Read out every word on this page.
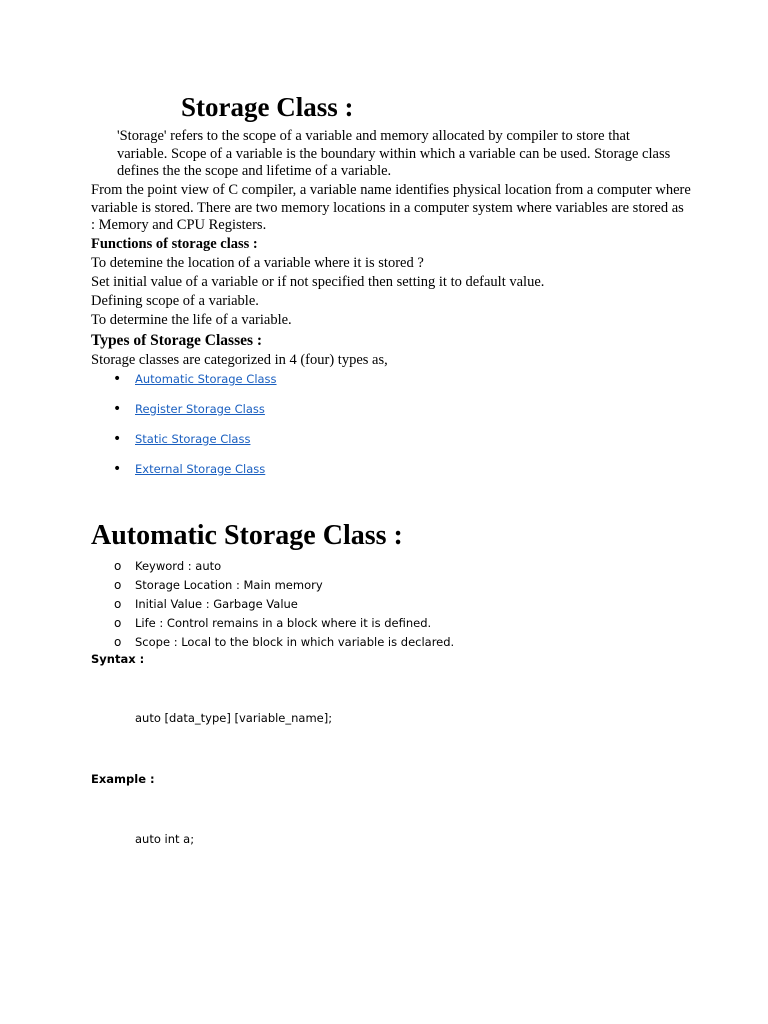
Storage Class :

'Storage' refers to the scope of a variable and memory allocated by compiler to store that variable. Scope of a variable is the boundary within which a variable can be used. Storage class defines the the scope and lifetime of a variable.

From the point view of C compiler, a variable name identifies physical location from a computer where variable is stored. There are two memory locations in a computer system where variables are stored as : Memory and CPU Registers.

Functions of storage class :
To detemine the location of a variable where it is stored ?
Set initial value of a variable or if not specified then setting it to default value.
Defining scope of a variable.
To determine the life of a variable.
Types of Storage Classes :
Storage classes are categorized in 4 (four) types as,
• Automatic Storage Class
• Register Storage Class
• Static Storage Class
• External Storage Class
Automatic Storage Class :
o Keyword : auto
o Storage Location : Main memory
o Initial Value : Garbage Value
o Life : Control remains in a block where it is defined.
o Scope : Local to the block in which variable is declared.
Syntax :
auto [data_type] [variable_name];
Example :
auto int a;
